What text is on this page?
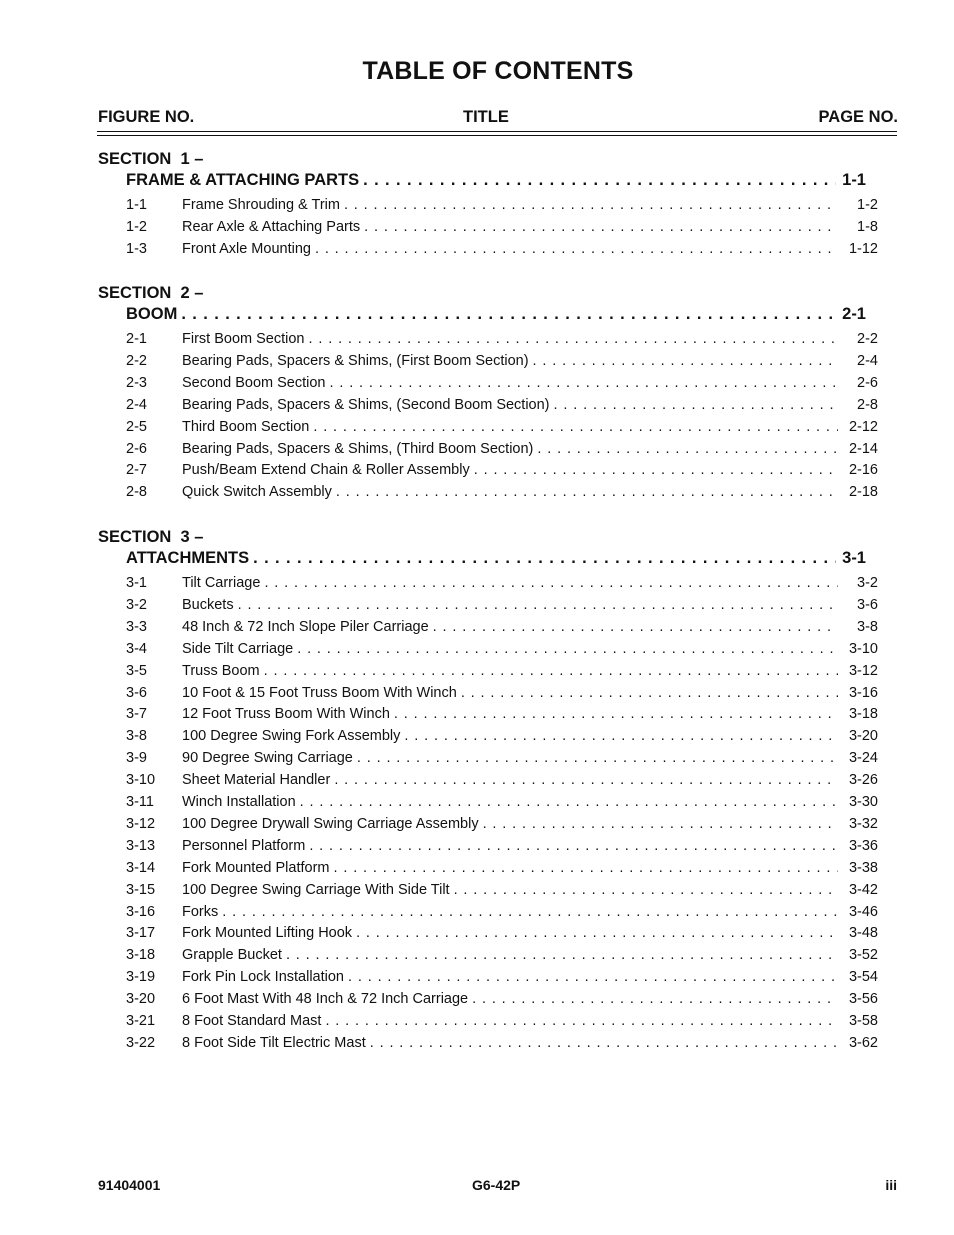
TABLE OF CONTENTS
FIGURE NO.	TITLE	PAGE NO.
SECTION  1 –
FRAME & ATTACHING PARTS . . .	1-1
1-1	Frame Shrouding & Trim . . .	1-2
1-2	Rear Axle & Attaching Parts . . .	1-8
1-3	Front Axle Mounting . . .	1-12
SECTION  2 –
BOOM . . .	2-1
2-1	First Boom Section . . .	2-2
2-2	Bearing Pads, Spacers & Shims, (First Boom Section) . . .	2-4
2-3	Second Boom Section . . .	2-6
2-4	Bearing Pads, Spacers & Shims, (Second Boom Section) . . .	2-8
2-5	Third Boom Section . . .	2-12
2-6	Bearing Pads, Spacers & Shims, (Third Boom Section) . . .	2-14
2-7	Push/Beam Extend Chain & Roller Assembly . . .	2-16
2-8	Quick Switch Assembly . . .	2-18
SECTION  3 –
ATTACHMENTS . . .	3-1
3-1	Tilt Carriage . . .	3-2
3-2	Buckets . . .	3-6
3-3	48 Inch & 72 Inch Slope Piler Carriage . . .	3-8
3-4	Side Tilt Carriage . . .	3-10
3-5	Truss Boom . . .	3-12
3-6	10 Foot & 15 Foot Truss Boom With Winch . . .	3-16
3-7	12 Foot Truss Boom With Winch . . .	3-18
3-8	100 Degree Swing Fork Assembly . . .	3-20
3-9	90 Degree Swing Carriage . . .	3-24
3-10	Sheet Material Handler . . .	3-26
3-11	Winch Installation . . .	3-30
3-12	100 Degree Drywall Swing Carriage Assembly . . .	3-32
3-13	Personnel Platform . . .	3-36
3-14	Fork Mounted Platform . . .	3-38
3-15	100 Degree Swing Carriage With Side Tilt . . .	3-42
3-16	Forks . . .	3-46
3-17	Fork Mounted Lifting Hook . . .	3-48
3-18	Grapple Bucket . . .	3-52
3-19	Fork Pin Lock Installation . . .	3-54
3-20	6 Foot Mast With 48 Inch & 72 Inch Carriage . . .	3-56
3-21	8 Foot Standard Mast . . .	3-58
3-22	8 Foot Side Tilt Electric Mast . . .	3-62
91404001	G6-42P	iii
